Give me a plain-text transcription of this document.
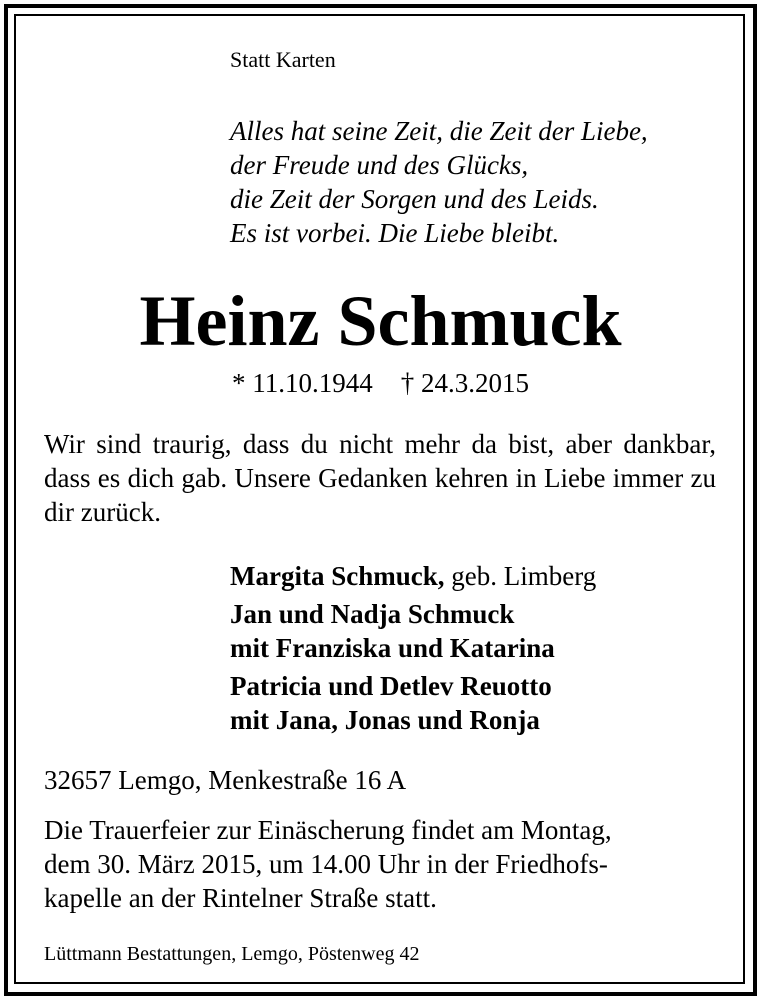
Statt Karten

Alles hat seine Zeit, die Zeit der Liebe,
der Freude und des Glücks,
die Zeit der Sorgen und des Leids.
Es ist vorbei. Die Liebe bleibt.
Heinz Schmuck
* 11.10.1944 † 24.3.2015

Wir sind traurig, dass du nicht mehr da bist, aber dankbar, dass es dich gab. Unsere Gedanken kehren in Liebe immer zu dir zurück.

Margita Schmuck, geb. Limberg
Jan und Nadja Schmuck
mit Franziska und Katarina
Patricia und Detlev Reuotto
mit Jana, Jonas und Ronja

32657 Lemgo, Menkestraße 16 A

Die Trauerfeier zur Einäscherung findet am Montag,
dem 30. März 2015, um 14.00 Uhr in der Friedhofs-
kapelle an der Rintelner Straße statt.

Lüttmann Bestattungen, Lemgo, Pöstenweg 42
